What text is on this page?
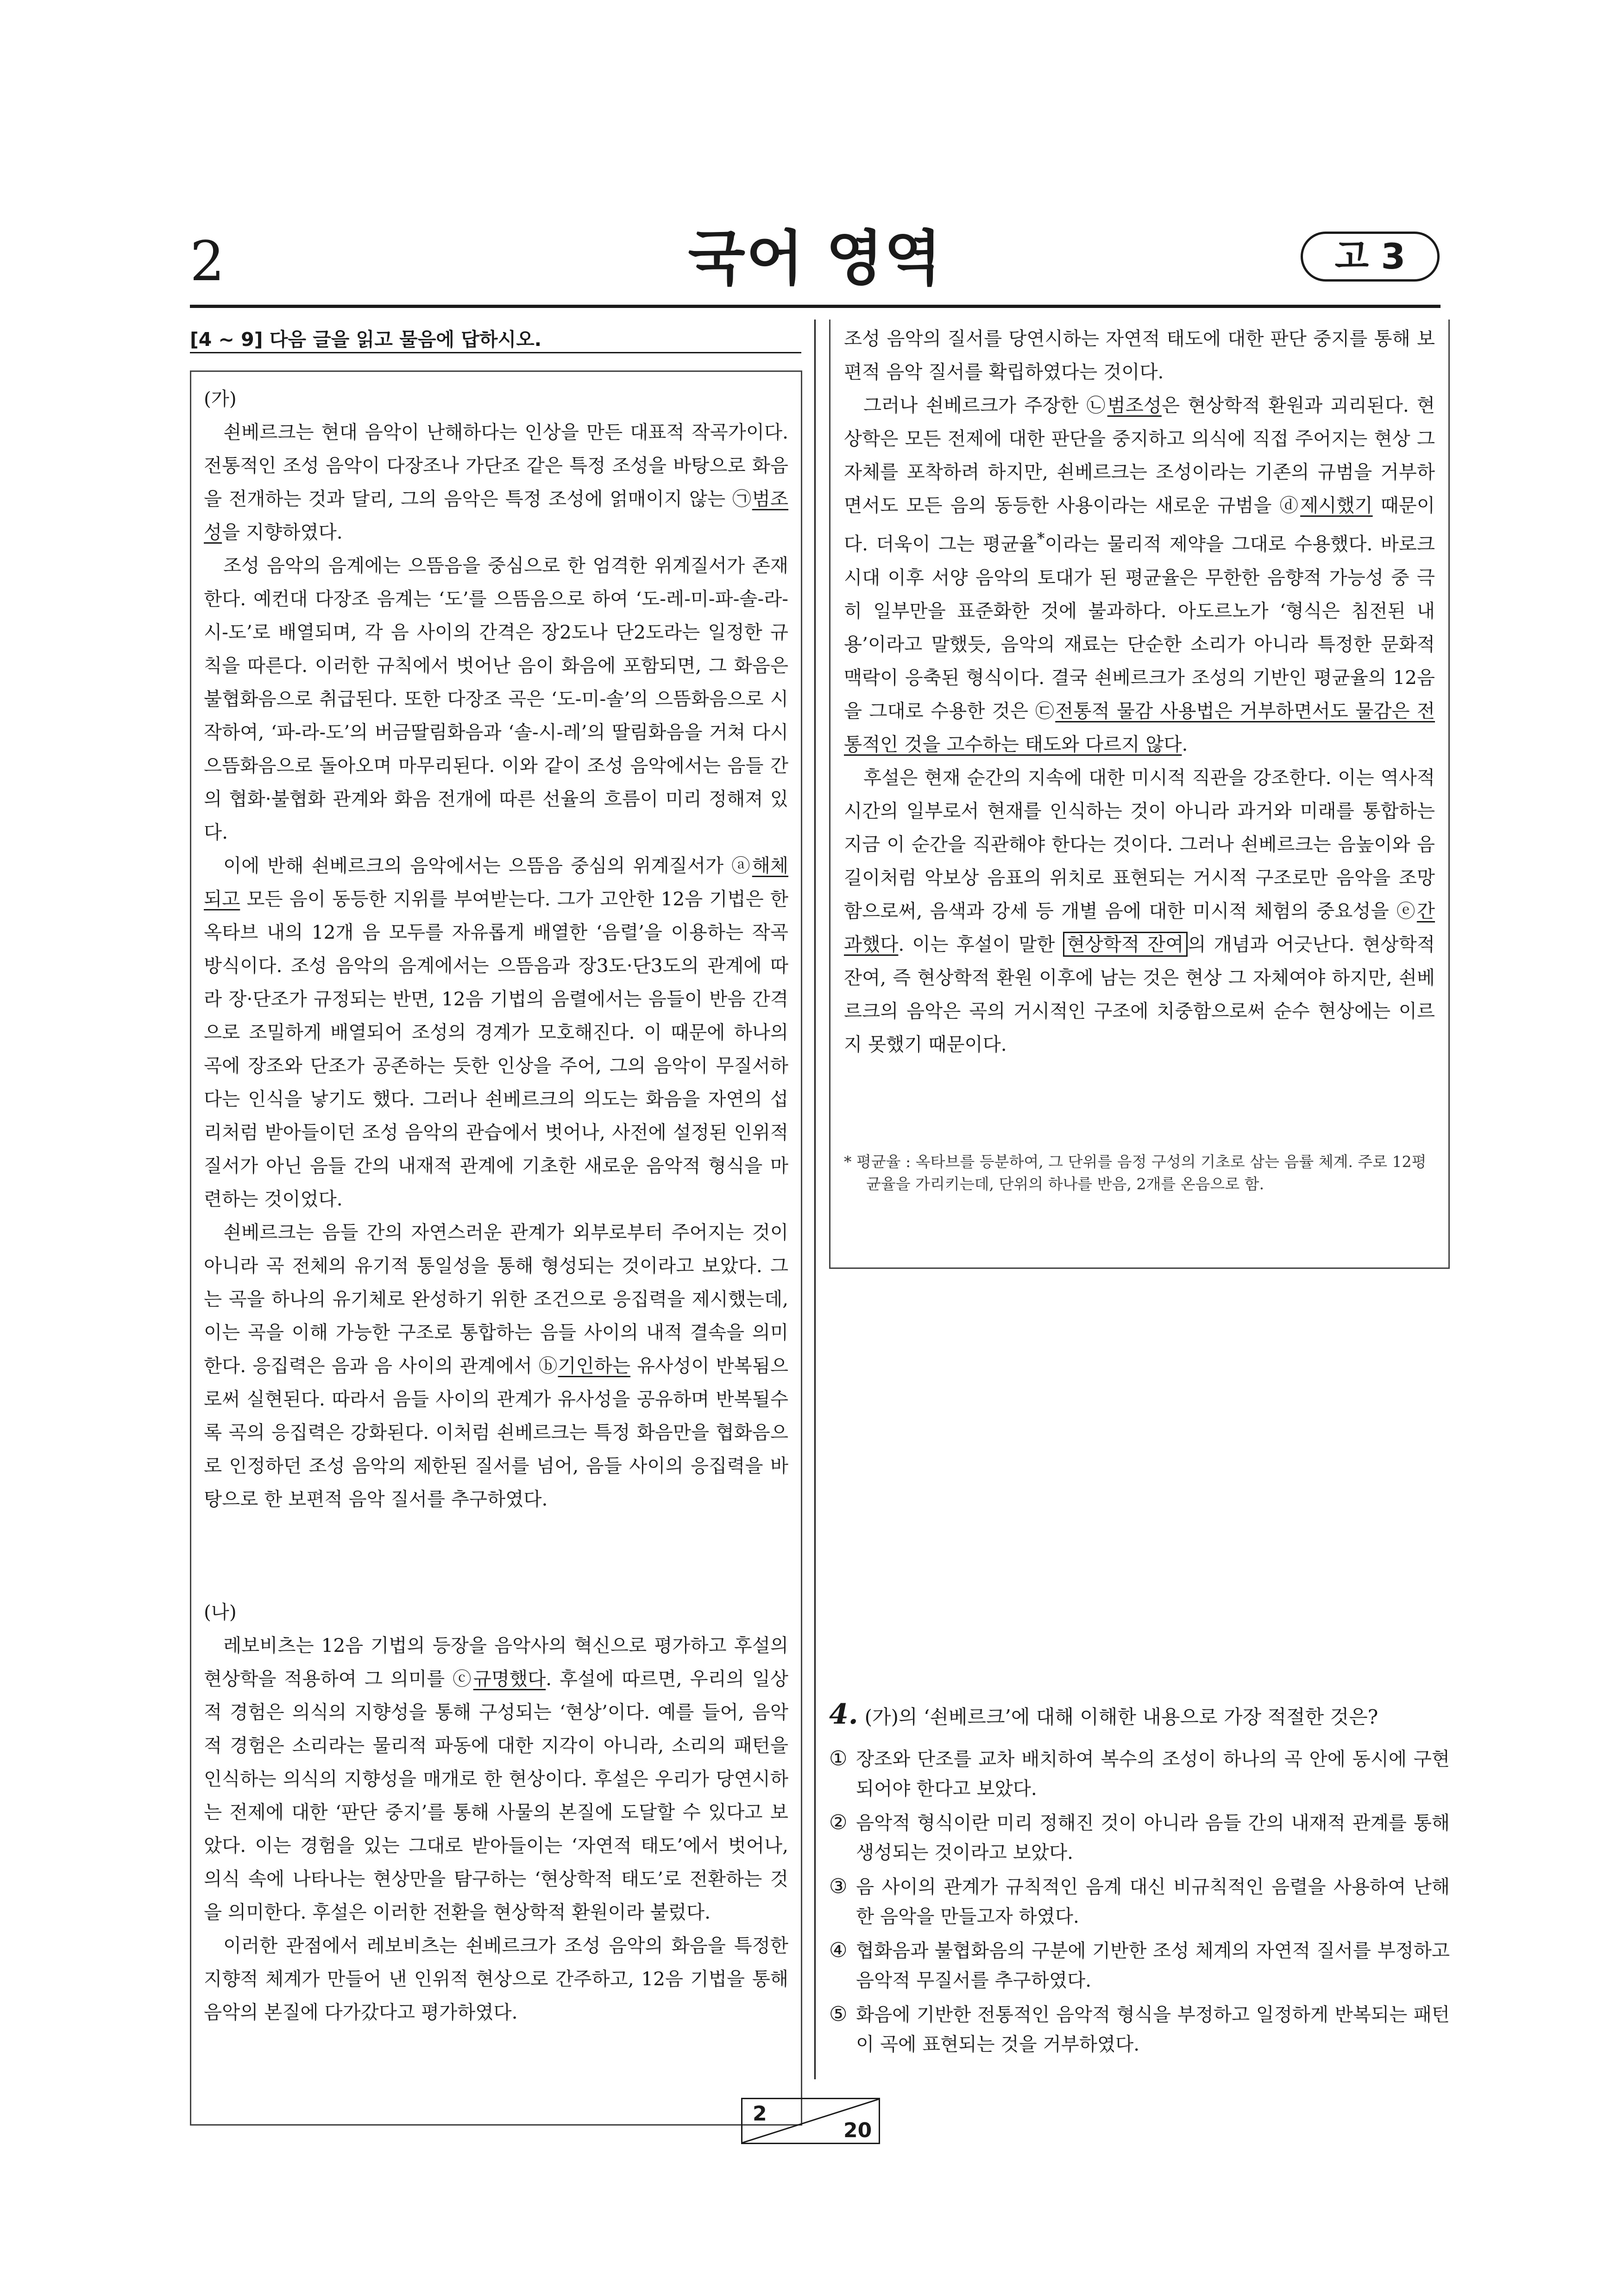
2	국어 영역	고 3
[4 ~ 9] 다음 글을 읽고 물음에 답하시오.
(가)

쇤베르크는 현대 음악이 난해하다는 인상을 만든 대표적 작곡가이다. 전통적인 조성 음악이 다장조나 가단조 같은 특정 조성을 바탕으로 화음을 전개하는 것과 달리, 그의 음악은 특정 조성에 얽매이지 않는 ㉠범조성을 지향하였다.

조성 음악의 음계에는 으뜸음을 중심으로 한 엄격한 위계질서가 존재한다. 예컨대 다장조 음계는 ‘도’를 으뜸음으로 하여 ‘도-레-미-파-솔-라-시-도’로 배열되며, 각 음 사이의 간격은 장2도나 단2도라는 일정한 규칙을 따른다. 이러한 규칙에서 벗어난 음이 화음에 포함되면, 그 화음은 불협화음으로 취급된다. 또한 다장조 곡은 ‘도-미-솔’의 으뜸화음으로 시작하여, ‘파-라-도’의 버금딸림화음과 ‘솔-시-레’의 딸림화음을 거쳐 다시 으뜸화음으로 돌아오며 마무리된다. 이와 같이 조성 음악에서는 음들 간의 협화·불협화 관계와 화음 전개에 따른 선율의 흐름이 미리 정해져 있다.

이에 반해 쇤베르크의 음악에서는 으뜸음 중심의 위계질서가 ⓐ해체되고 모든 음이 동등한 지위를 부여받는다. 그가 고안한 12음 기법은 한 옥타브 내의 12개 음 모두를 자유롭게 배열한 ‘음렬’을 이용하는 작곡 방식이다. 조성 음악의 음계에서는 으뜸음과 장3도·단3도의 관계에 따라 장·단조가 규정되는 반면, 12음 기법의 음렬에서는 음들이 반음 간격으로 조밀하게 배열되어 조성의 경계가 모호해진다. 이 때문에 하나의 곡에 장조와 단조가 공존하는 듯한 인상을 주어, 그의 음악이 무질서하다는 인식을 낳기도 했다. 그러나 쇤베르크의 의도는 화음을 자연의 섭리처럼 받아들이던 조성 음악의 관습에서 벗어나, 사전에 설정된 인위적 질서가 아닌 음들 간의 내재적 관계에 기초한 새로운 음악적 형식을 마련하는 것이었다.

쇤베르크는 음들 간의 자연스러운 관계가 외부로부터 주어지는 것이 아니라 곡 전체의 유기적 통일성을 통해 형성되는 것이라고 보았다. 그는 곡을 하나의 유기체로 완성하기 위한 조건으로 응집력을 제시했는데, 이는 곡을 이해 가능한 구조로 통합하는 음들 사이의 내적 결속을 의미한다. 응집력은 음과 음 사이의 관계에서 ⓑ기인하는 유사성이 반복됨으로써 실현된다. 따라서 음들 사이의 관계가 유사성을 공유하며 반복될수록 곡의 응집력은 강화된다. 이처럼 쇤베르크는 특정 화음만을 협화음으로 인정하던 조성 음악의 제한된 질서를 넘어, 음들 사이의 응집력을 바탕으로 한 보편적 음악 질서를 추구하였다.

(나)

레보비츠는 12음 기법의 등장을 음악사의 혁신으로 평가하고 후설의 현상학을 적용하여 그 의미를 ⓒ규명했다. 후설에 따르면, 우리의 일상적 경험은 의식의 지향성을 통해 구성되는 ‘현상’이다. 예를 들어, 음악적 경험은 소리라는 물리적 파동에 대한 지각이 아니라, 소리의 패턴을 인식하는 의식의 지향성을 매개로 한 현상이다. 후설은 우리가 당연시하는 전제에 대한 ‘판단 중지’를 통해 사물의 본질에 도달할 수 있다고 보았다. 이는 경험을 있는 그대로 받아들이는 ‘자연적 태도’에서 벗어나, 의식 속에 나타나는 현상만을 탐구하는 ‘현상학적 태도’로 전환하는 것을 의미한다. 후설은 이러한 전환을 현상학적 환원이라 불렀다.

이러한 관점에서 레보비츠는 쇤베르크가 조성 음악의 화음을 특정한 지향적 체계가 만들어 낸 인위적 현상으로 간주하고, 12음 기법을 통해 음악의 본질에 다가갔다고 평가하였다.

조성 음악의 질서를 당연시하는 자연적 태도에 대한 판단 중지를 통해 보편적 음악 질서를 확립하였다는 것이다.

그러나 쇤베르크가 주장한 ㉡범조성은 현상학적 환원과 괴리된다. 현상학은 모든 전제에 대한 판단을 중지하고 의식에 직접 주어지는 현상 그 자체를 포착하려 하지만, 쇤베르크는 조성이라는 기존의 규범을 거부하면서도 모든 음의 동등한 사용이라는 새로운 규범을 ⓓ제시했기 때문이다. 더욱이 그는 평균율*이라는 물리적 제약을 그대로 수용했다. 바로크 시대 이후 서양 음악의 토대가 된 평균율은 무한한 음향적 가능성 중 극히 일부만을 표준화한 것에 불과하다. 아도르노가 ‘형식은 침전된 내용’이라고 말했듯, 음악의 재료는 단순한 소리가 아니라 특정한 문화적 맥락이 응축된 형식이다. 결국 쇤베르크가 조성의 기반인 평균율의 12음을 그대로 수용한 것은 ㉢전통적 물감 사용법은 거부하면서도 물감은 전통적인 것을 고수하는 태도와 다르지 않다.

후설은 현재 순간의 지속에 대한 미시적 직관을 강조한다. 이는 역사적 시간의 일부로서 현재를 인식하는 것이 아니라 과거와 미래를 통합하는 지금 이 순간을 직관해야 한다는 것이다. 그러나 쇤베르크는 음높이와 음길이처럼 악보상 음표의 위치로 표현되는 거시적 구조로만 음악을 조망함으로써, 음색과 강세 등 개별 음에 대한 미시적 체험의 중요성을 ⓔ간과했다. 이는 후설이 말한 현상학적 잔여 의 개념과 어긋난다. 현상학적 잔여, 즉 현상학적 환원 이후에 남는 것은 현상 그 자체여야 하지만, 쇤베르크의 음악은 곡의 거시적인 구조에 치중함으로써 순수 현상에는 이르지 못했기 때문이다.

* 평균율 : 옥타브를 등분하여, 그 단위를 음정 구성의 기초로 삼는 음률 체계. 주로 12평균율을 가리키는데, 단위의 하나를 반음, 2개를 온음으로 함.
4. (가)의 ‘쇤베르크’에 대해 이해한 내용으로 가장 적절한 것은?
① 장조와 단조를 교차 배치하여 복수의 조성이 하나의 곡 안에 동시에 구현되어야 한다고 보았다.
② 음악적 형식이란 미리 정해진 것이 아니라 음들 간의 내재적 관계를 통해 생성되는 것이라고 보았다.
③ 음 사이의 관계가 규칙적인 음계 대신 비규칙적인 음렬을 사용하여 난해한 음악을 만들고자 하였다.
④ 협화음과 불협화음의 구분에 기반한 조성 체계의 자연적 질서를 부정하고 음악적 무질서를 추구하였다.
⑤ 화음에 기반한 전통적인 음악적 형식을 부정하고 일정하게 반복되는 패턴이 곡에 표현되는 것을 거부하였다.
2
20
